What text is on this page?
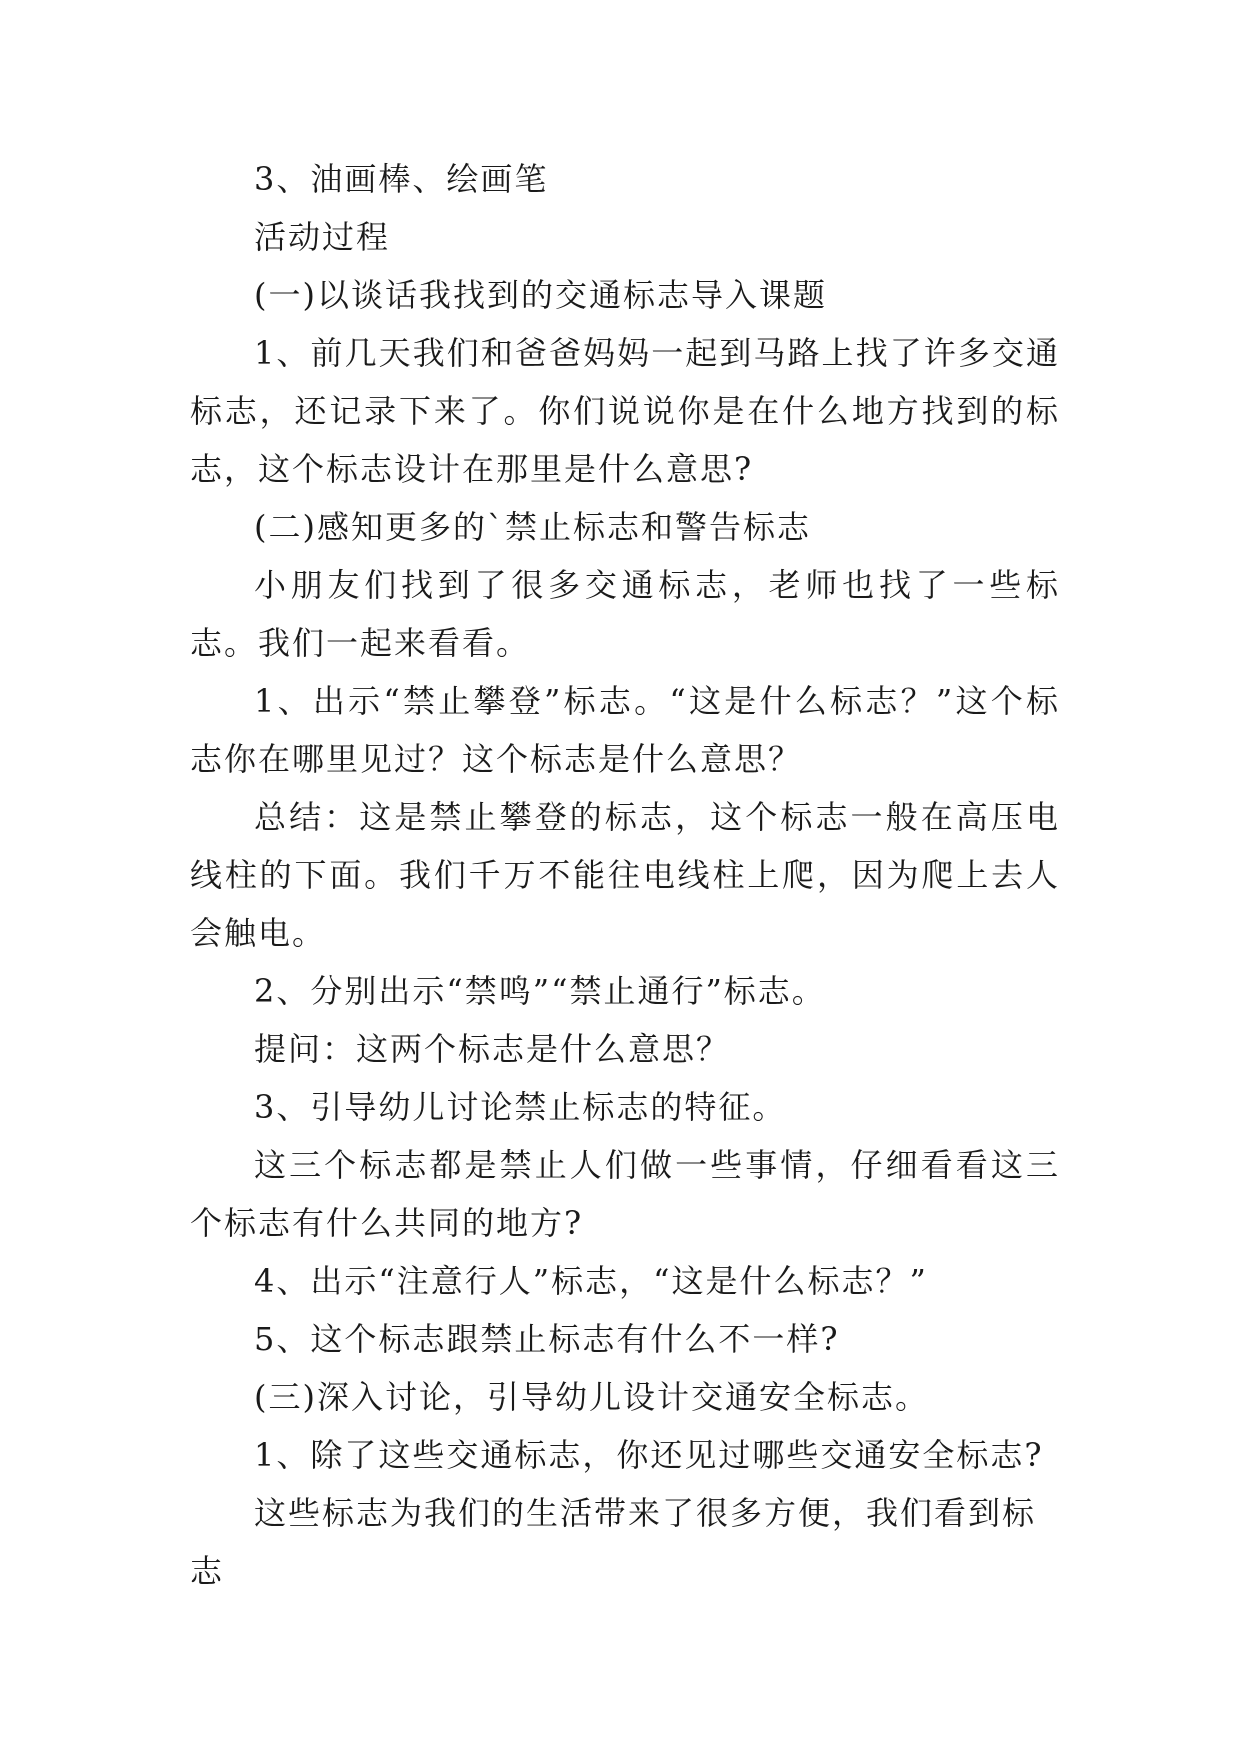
3、油画棒、绘画笔

活动过程

(一)以谈话我找到的交通标志导入课题

1、前几天我们和爸爸妈妈一起到马路上找了许多交通标志，还记录下来了。你们说说你是在什么地方找到的标志，这个标志设计在那里是什么意思?

(二)感知更多的`禁止标志和警告标志

小朋友们找到了很多交通标志，老师也找了一些标志。我们一起来看看。

1、出示“禁止攀登”标志。“这是什么标志？”这个标志你在哪里见过？这个标志是什么意思？

总结：这是禁止攀登的标志，这个标志一般在高压电线柱的下面。我们千万不能往电线柱上爬，因为爬上去人会触电。

2、分别出示“禁鸣”“禁止通行”标志。

提问：这两个标志是什么意思？

3、引导幼儿讨论禁止标志的特征。

这三个标志都是禁止人们做一些事情，仔细看看这三个标志有什么共同的地方?

4、出示“注意行人”标志，“这是什么标志？”

5、这个标志跟禁止标志有什么不一样?

(三)深入讨论，引导幼儿设计交通安全标志。

1、除了这些交通标志，你还见过哪些交通安全标志?

这些标志为我们的生活带来了很多方便，我们看到标志
